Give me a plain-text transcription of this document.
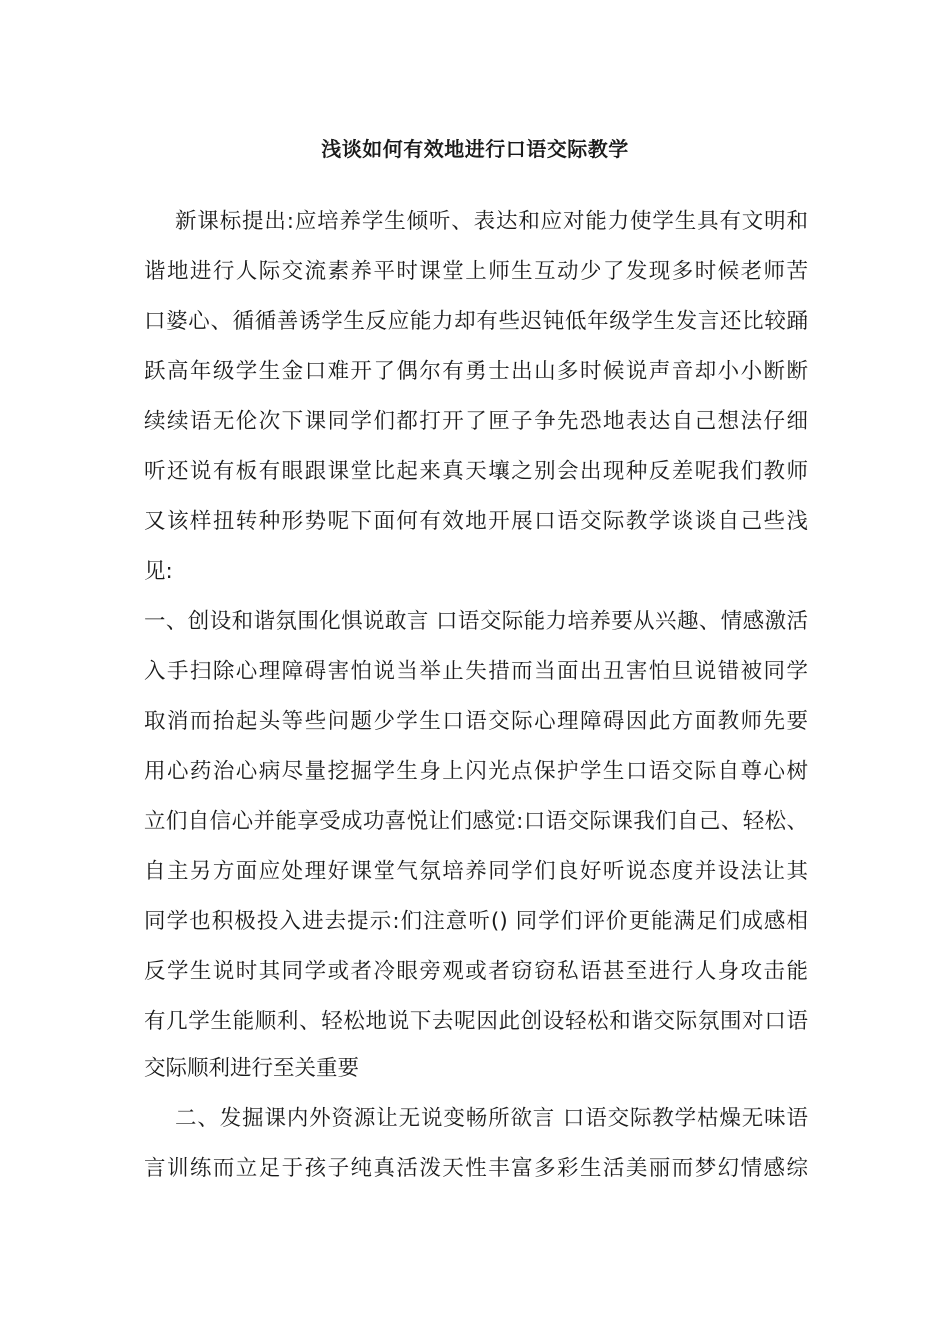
浅谈如何有效地进行口语交际教学
新课标提出:应培养学生倾听、表达和应对能力使学生具有文明和
谐地进行人际交流素养平时课堂上师生互动少了发现多时候老师苦
口婆心、循循善诱学生反应能力却有些迟钝低年级学生发言还比较踊
跃高年级学生金口难开了偶尔有勇士出山多时候说声音却小小断断
续续语无伦次下课同学们都打开了匣子争先恐地表达自己想法仔细
听还说有板有眼跟课堂比起来真天壤之别会出现种反差呢我们教师
又该样扭转种形势呢下面何有效地开展口语交际教学谈谈自己些浅
见:
一、创设和谐氛围化惧说敢言 口语交际能力培养要从兴趣、情感激活
入手扫除心理障碍害怕说当举止失措而当面出丑害怕旦说错被同学
取消而抬起头等些问题少学生口语交际心理障碍因此方面教师先要
用心药治心病尽量挖掘学生身上闪光点保护学生口语交际自尊心树
立们自信心并能享受成功喜悦让们感觉:口语交际课我们自己、轻松、
自主另方面应处理好课堂气氛培养同学们良好听说态度并设法让其
同学也积极投入进去提示:们注意听() 同学们评价更能满足们成感相
反学生说时其同学或者冷眼旁观或者窃窃私语甚至进行人身攻击能
有几学生能顺利、轻松地说下去呢因此创设轻松和谐交际氛围对口语
交际顺利进行至关重要
二、发掘课内外资源让无说变畅所欲言 口语交际教学枯燥无味语
言训练而立足于孩子纯真活泼天性丰富多彩生活美丽而梦幻情感综
